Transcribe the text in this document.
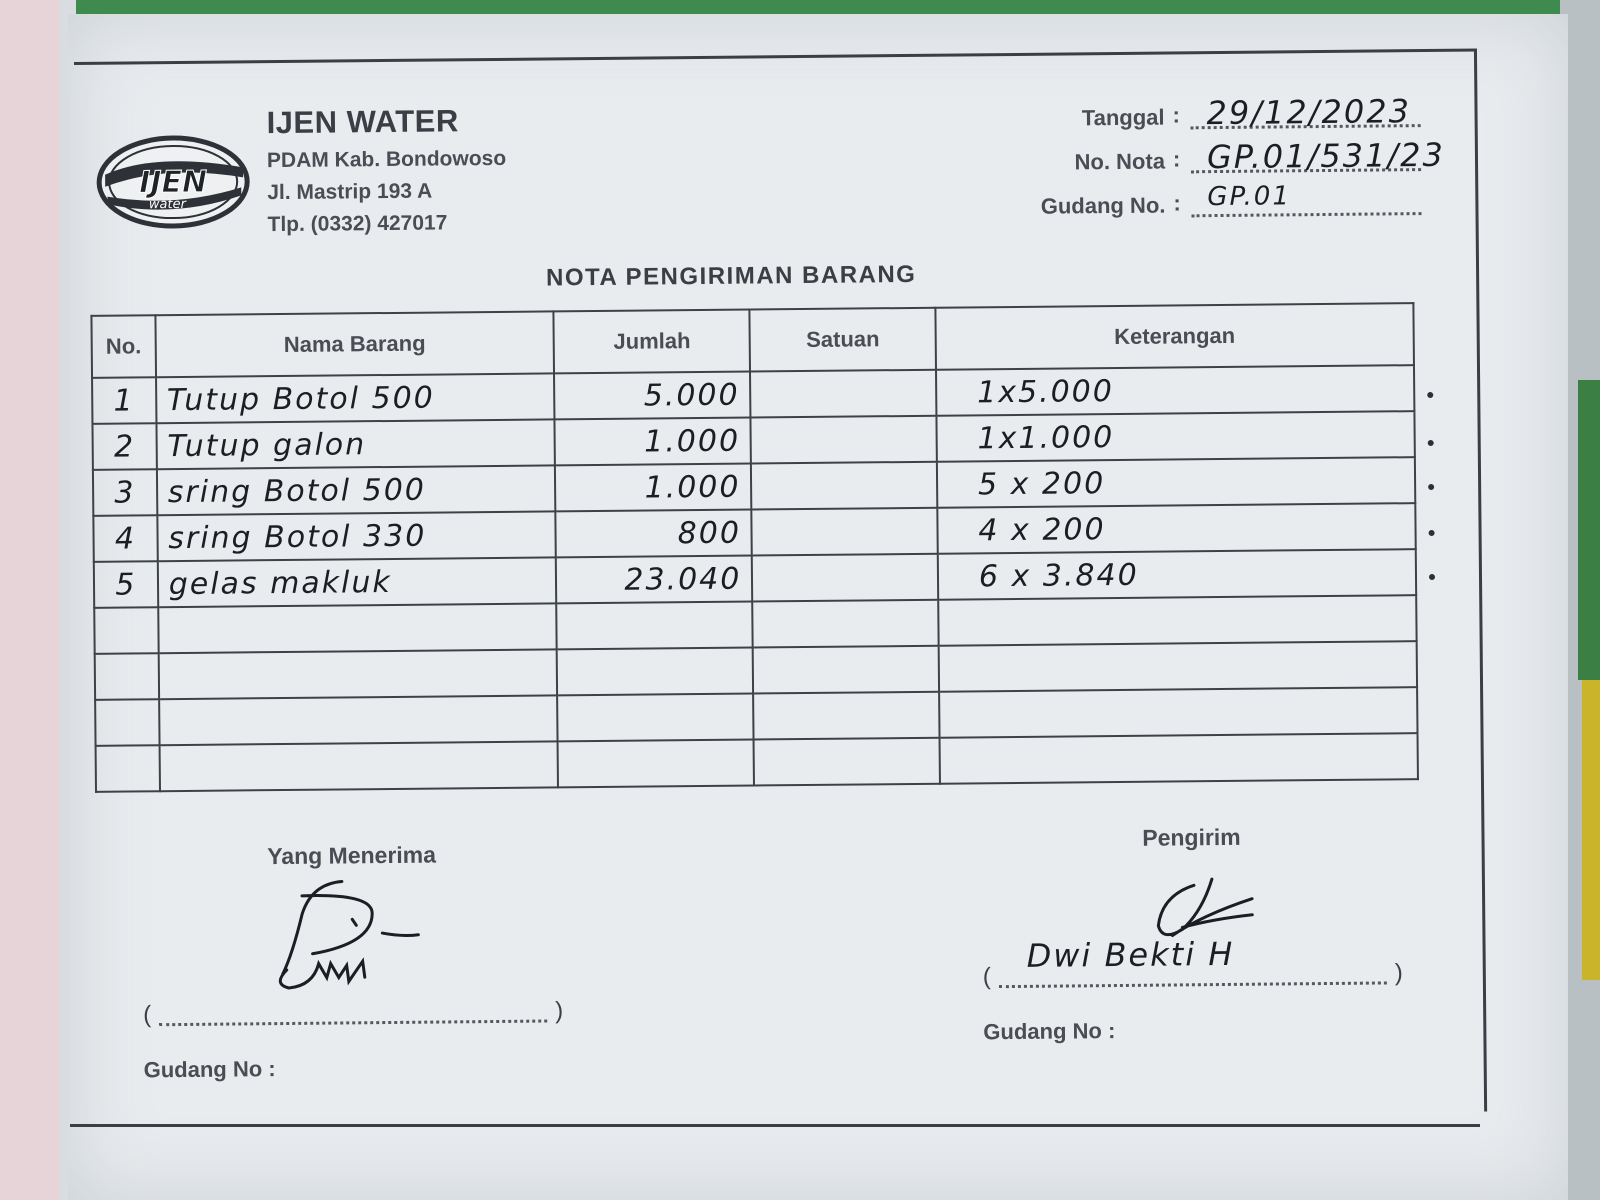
IJEN
water
IJEN WATER
PDAM Kab. Bondowoso
Jl. Mastrip 193 A
Tlp. (0332) 427017
Tanggal : 29/12/2023
No. Nota : GP.01/531/23
Gudang No. : GP.01
NOTA PENGIRIMAN BARANG
No.	Nama Barang	Jumlah	Satuan	Keterangan
1	Tutup Botol 500	5.000		1x5.000
2	Tutup galon	1.000		1x1.000
3	sring Botol 500	1.000		5 x 200
4	sring Botol 330	800		4 x 200
5	gelas makluk	23.040		6 x 3.840

Yang Menerima
(	)
Gudang No :
Pengirim
(	)
Dwi Bekti H
Gudang No :
